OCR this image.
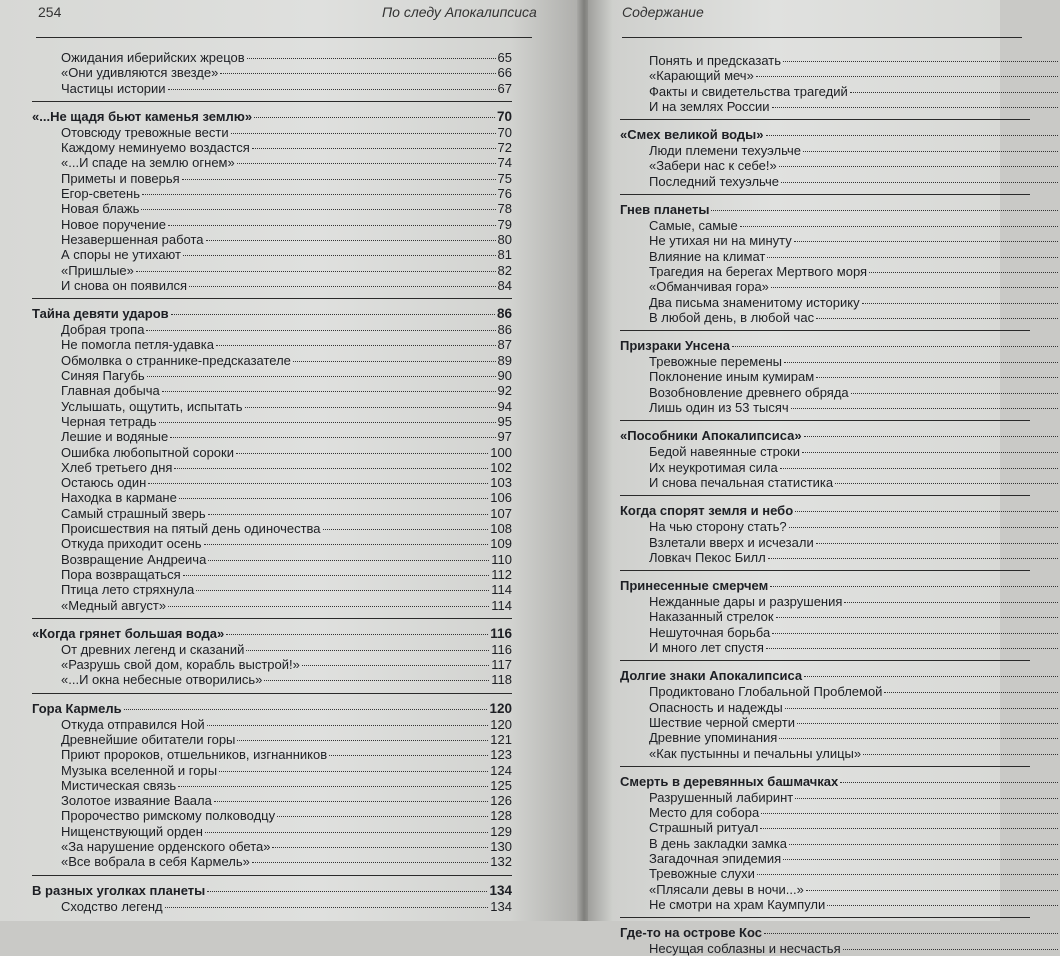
254	По следу Апокалипсиса
Ожидания иберийских жрецов	65
«Они удивляются звезде»	66
Частицы истории	67
«...Не щадя бьют каменья землю»	70
Отовсюду тревожные вести	70
Каждому неминуемо воздастся	72
«...И спаде на землю огнем»	74
Приметы и поверья	75
Егор-светень	76
Новая блажь	78
Новое поручение	79
Незавершенная работа	80
А споры не утихают	81
«Пришлые»	82
И снова он появился	84
Тайна девяти ударов	86
Добрая тропа	86
Не помогла петля-удавка	87
Обмолвка о страннике-предсказателе	89
Синяя Пагубь	90
Главная добыча	92
Услышать, ощутить, испытать	94
Черная тетрадь	95
Лешие и водяные	97
Ошибка любопытной сороки	100
Хлеб третьего дня	102
Остаюсь один	103
Находка в кармане	106
Самый страшный зверь	107
Происшествия на пятый день одиночества	108
Откуда приходит осень	109
Возвращение Андреича	110
Пора возвращаться	112
Птица лето стряхнула	114
«Медный август»	114
«Когда грянет большая вода»	116
От древних легенд и сказаний	116
«Разрушь свой дом, корабль выстрой!»	117
«...И окна небесные отворились»	118
Гора Кармель	120
Откуда отправился Ной	120
Древнейшие обитатели горы	121
Приют пророков, отшельников, изгнанников	123
Музыка вселенной и горы	124
Мистическая связь	125
Золотое изваяние Ваала	126
Пророчество римскому полководцу	128
Нищенствующий орден	129
«За нарушение орденского обета»	130
«Все вобрала в себя Кармель»	132
В разных уголках планеты	134
Сходство легенд	134
Содержание
Понять и предсказать
«Карающий меч»
Факты и свидетельства трагедий
И на землях России
«Смех великой воды»
Люди племени техуэльче
«Забери нас к себе!»
Последний техуэльче
Гнев планеты
Самые, самые
Не утихая ни на минуту
Влияние на климат
Трагедия на берегах Мертвого моря
«Обманчивая гора»
Два письма знаменитому историку
В любой день, в любой час
Призраки Унсена
Тревожные перемены
Поклонение иным кумирам
Возобновление древнего обряда
Лишь один из 53 тысяч
«Пособники Апокалипсиса»
Бедой навеянные строки
Их неукротимая сила
И снова печальная статистика
Когда спорят земля и небо
На чью сторону стать?
Взлетали вверх и исчезали
Ловкач Пекос Билл
Принесенные смерчем
Нежданные дары и разрушения
Наказанный стрелок
Нешуточная борьба
И много лет спустя
Долгие знаки Апокалипсиса
Продиктовано Глобальной Проблемой
Опасность и надежды
Шествие черной смерти
Древние упоминания
«Как пустынны и печальны улицы»
Смерть в деревянных башмачках
Разрушенный лабиринт
Место для собора
Страшный ритуал
В день закладки замка
Загадочная эпидемия
Тревожные слухи
«Плясали девы в ночи...»
Не смотри на храм Каумпули
Где-то на острове Кос
Несущая соблазны и несчастья
